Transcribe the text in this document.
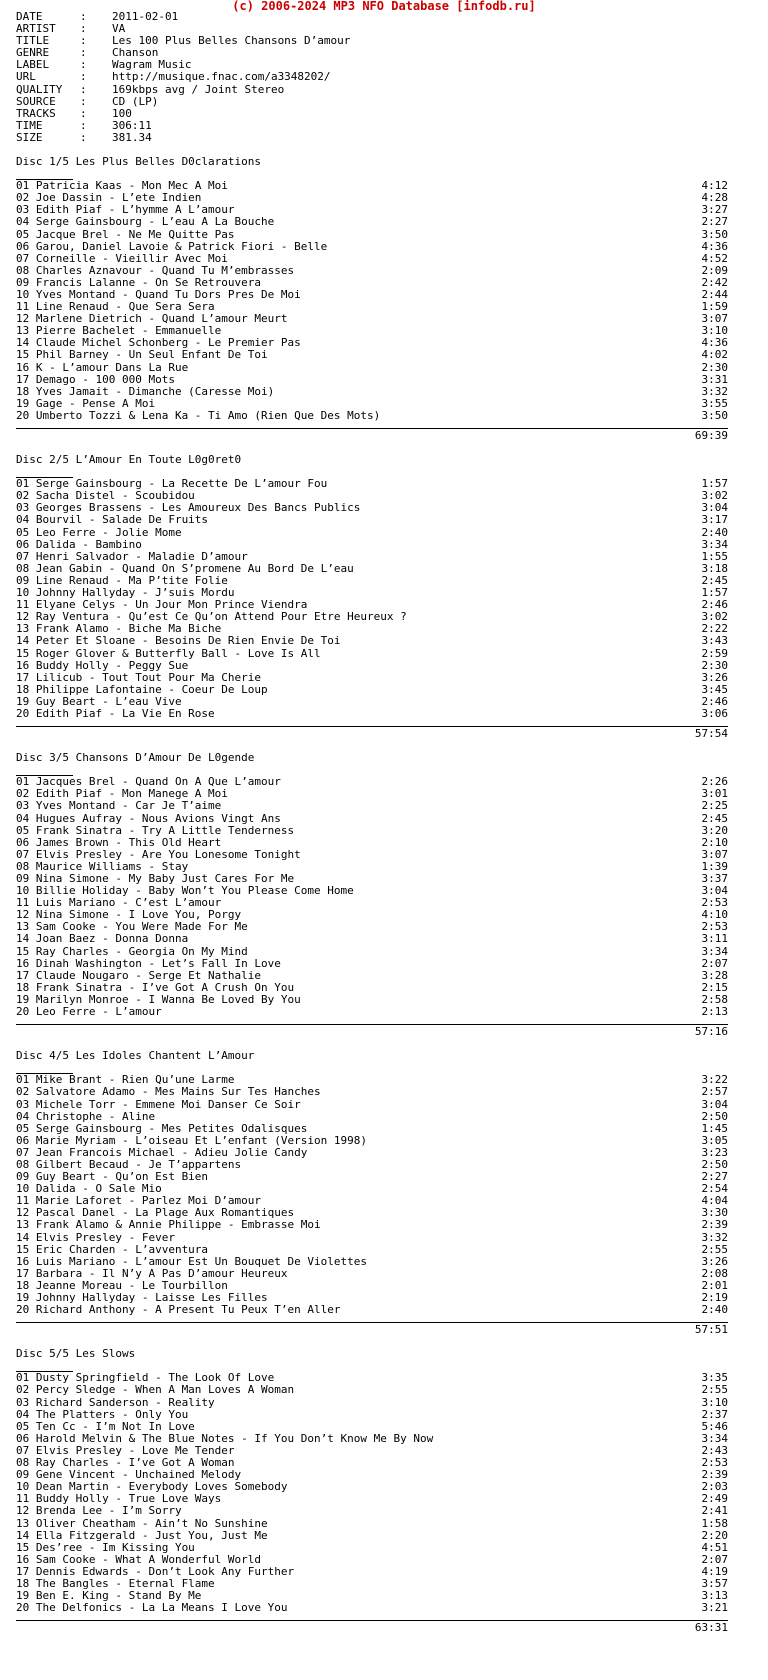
(c) 2006-2024 MP3 NFO Database [infodb.ru]
DATE	:	2011-02-01
ARTIST	:	VA
TITLE	:	Les 100 Plus Belles Chansons D’amour
GENRE	:	Chanson
LABEL	:	Wagram Music
URL	:	http://musique.fnac.com/a3348202/
QUALITY	:	169kbps avg / Joint Stereo
SOURCE	:	CD (LP)
TRACKS	:	100
TIME	:	306:11
SIZE	:	381.34
Disc 1/5 Les Plus Belles D0clarations
01 Patricia Kaas - Mon Mec A Moi	4:12
02 Joe Dassin - L’ete Indien	4:28
03 Edith Piaf - L’hymme A L’amour	3:27
04 Serge Gainsbourg - L’eau A La Bouche	2:27
05 Jacque Brel - Ne Me Quitte Pas	3:50
06 Garou, Daniel Lavoie & Patrick Fiori - Belle	4:36
07 Corneille - Vieillir Avec Moi	4:52
08 Charles Aznavour - Quand Tu M’embrasses	2:09
09 Francis Lalanne - On Se Retrouvera	2:42
10 Yves Montand - Quand Tu Dors Pres De Moi	2:44
11 Line Renaud - Que Sera Sera	1:59
12 Marlene Dietrich - Quand L’amour Meurt	3:07
13 Pierre Bachelet - Emmanuelle	3:10
14 Claude Michel Schonberg - Le Premier Pas	4:36
15 Phil Barney - Un Seul Enfant De Toi	4:02
16 K - L’amour Dans La Rue	2:30
17 Demago - 100 000 Mots	3:31
18 Yves Jamait - Dimanche (Caresse Moi)	3:32
19 Gage - Pense A Moi	3:55
20 Umberto Tozzi & Lena Ka - Ti Amo (Rien Que Des Mots)	3:50
69:39
Disc 2/5 L’Amour En Toute L0g0ret0
01 Serge Gainsbourg - La Recette De L’amour Fou	1:57
02 Sacha Distel - Scoubidou	3:02
03 Georges Brassens - Les Amoureux Des Bancs Publics	3:04
04 Bourvil - Salade De Fruits	3:17
05 Leo Ferre - Jolie Mome	2:40
06 Dalida - Bambino	3:34
07 Henri Salvador - Maladie D’amour	1:55
08 Jean Gabin - Quand On S’promene Au Bord De L’eau	3:18
09 Line Renaud - Ma P’tite Folie	2:45
10 Johnny Hallyday - J’suis Mordu	1:57
11 Elyane Celys - Un Jour Mon Prince Viendra	2:46
12 Ray Ventura - Qu’est Ce Qu’on Attend Pour Etre Heureux ?	3:02
13 Frank Alamo - Biche Ma Biche	2:22
14 Peter Et Sloane - Besoins De Rien Envie De Toi	3:43
15 Roger Glover & Butterfly Ball - Love Is All	2:59
16 Buddy Holly - Peggy Sue	2:30
17 Lilicub - Tout Tout Pour Ma Cherie	3:26
18 Philippe Lafontaine - Coeur De Loup	3:45
19 Guy Beart - L’eau Vive	2:46
20 Edith Piaf - La Vie En Rose	3:06
57:54
Disc 3/5 Chansons D’Amour De L0gende
01 Jacques Brel - Quand On A Que L’amour	2:26
02 Edith Piaf - Mon Manege A Moi	3:01
03 Yves Montand - Car Je T’aime	2:25
04 Hugues Aufray - Nous Avions Vingt Ans	2:45
05 Frank Sinatra - Try A Little Tenderness	3:20
06 James Brown - This Old Heart	2:10
07 Elvis Presley - Are You Lonesome Tonight	3:07
08 Maurice Williams - Stay	1:39
09 Nina Simone - My Baby Just Cares For Me	3:37
10 Billie Holiday - Baby Won’t You Please Come Home	3:04
11 Luis Mariano - C’est L’amour	2:53
12 Nina Simone - I Love You, Porgy	4:10
13 Sam Cooke - You Were Made For Me	2:53
14 Joan Baez - Donna Donna	3:11
15 Ray Charles - Georgia On My Mind	3:34
16 Dinah Washington - Let’s Fall In Love	2:07
17 Claude Nougaro - Serge Et Nathalie	3:28
18 Frank Sinatra - I’ve Got A Crush On You	2:15
19 Marilyn Monroe - I Wanna Be Loved By You	2:58
20 Leo Ferre - L’amour	2:13
57:16
Disc 4/5 Les Idoles Chantent L’Amour
01 Mike Brant - Rien Qu’une Larme	3:22
02 Salvatore Adamo - Mes Mains Sur Tes Hanches	2:57
03 Michele Torr - Emmene Moi Danser Ce Soir	3:04
04 Christophe - Aline	2:50
05 Serge Gainsbourg - Mes Petites Odalisques	1:45
06 Marie Myriam - L’oiseau Et L’enfant (Version 1998)	3:05
07 Jean Francois Michael - Adieu Jolie Candy	3:23
08 Gilbert Becaud - Je T’appartens	2:50
09 Guy Beart - Qu’on Est Bien	2:27
10 Dalida - O Sale Mio	2:54
11 Marie Laforet - Parlez Moi D’amour	4:04
12 Pascal Danel - La Plage Aux Romantiques	3:30
13 Frank Alamo & Annie Philippe - Embrasse Moi	2:39
14 Elvis Presley - Fever	3:32
15 Eric Charden - L’avventura	2:55
16 Luis Mariano - L’amour Est Un Bouquet De Violettes	3:26
17 Barbara - Il N’y A Pas D’amour Heureux	2:08
18 Jeanne Moreau - Le Tourbillon	2:01
19 Johnny Hallyday - Laisse Les Filles	2:19
20 Richard Anthony - A Present Tu Peux T’en Aller	2:40
57:51
Disc 5/5 Les Slows
01 Dusty Springfield - The Look Of Love	3:35
02 Percy Sledge - When A Man Loves A Woman	2:55
03 Richard Sanderson - Reality	3:10
04 The Platters - Only You	2:37
05 Ten Cc - I’m Not In Love	5:46
06 Harold Melvin & The Blue Notes - If You Don’t Know Me By Now	3:34
07 Elvis Presley - Love Me Tender	2:43
08 Ray Charles - I’ve Got A Woman	2:53
09 Gene Vincent - Unchained Melody	2:39
10 Dean Martin - Everybody Loves Somebody	2:03
11 Buddy Holly - True Love Ways	2:49
12 Brenda Lee - I’m Sorry	2:41
13 Oliver Cheatham - Ain’t No Sunshine	1:58
14 Ella Fitzgerald - Just You, Just Me	2:20
15 Des’ree - Im Kissing You	4:51
16 Sam Cooke - What A Wonderful World	2:07
17 Dennis Edwards - Don’t Look Any Further	4:19
18 The Bangles - Eternal Flame	3:57
19 Ben E. King - Stand By Me	3:13
20 The Delfonics - La La Means I Love You	3:21
63:31
